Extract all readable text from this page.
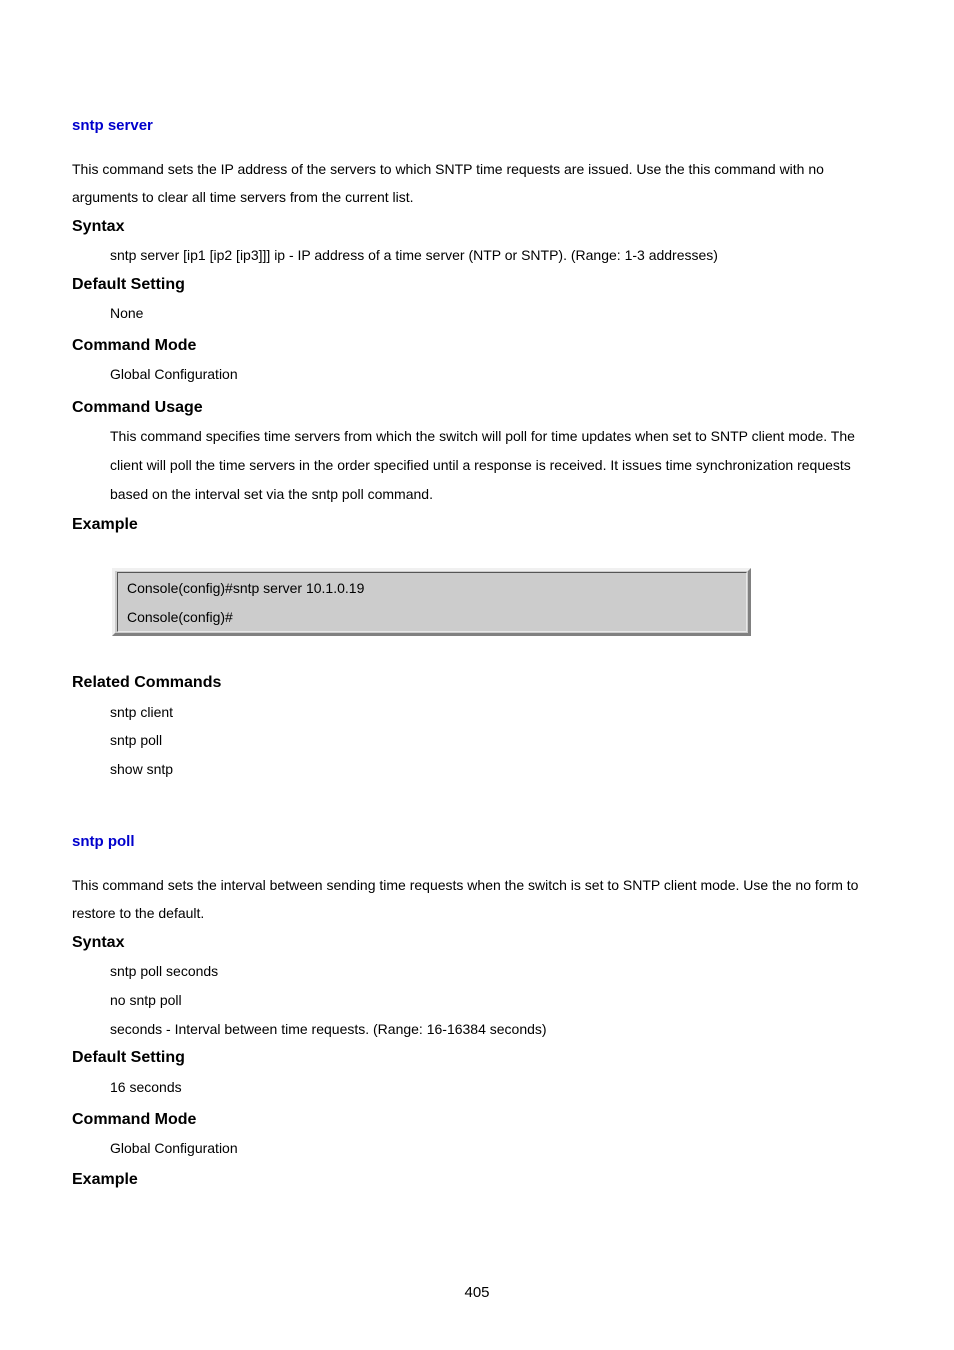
sntp server
This command sets the IP address of the servers to which SNTP time requests are issued. Use the this command with no
arguments to clear all time servers from the current list.
Syntax
sntp server [ip1 [ip2 [ip3]]] ip - IP address of a time server (NTP or SNTP). (Range: 1-3 addresses)
Default Setting
None
Command Mode
Global Configuration
Command Usage
This command specifies time servers from which the switch will poll for time updates when set to SNTP client mode. The
client will poll the time servers in the order specified until a response is received. It issues time synchronization requests
based on the interval set via the sntp poll command.
Example
Console(config)#sntp server 10.1.0.19
Console(config)#
Related Commands
sntp client
sntp poll
show sntp
sntp poll
This command sets the interval between sending time requests when the switch is set to SNTP client mode. Use the no form to
restore to the default.
Syntax
sntp poll seconds
no sntp poll
seconds - Interval between time requests. (Range: 16-16384 seconds)
Default Setting
16 seconds
Command Mode
Global Configuration
Example
405
